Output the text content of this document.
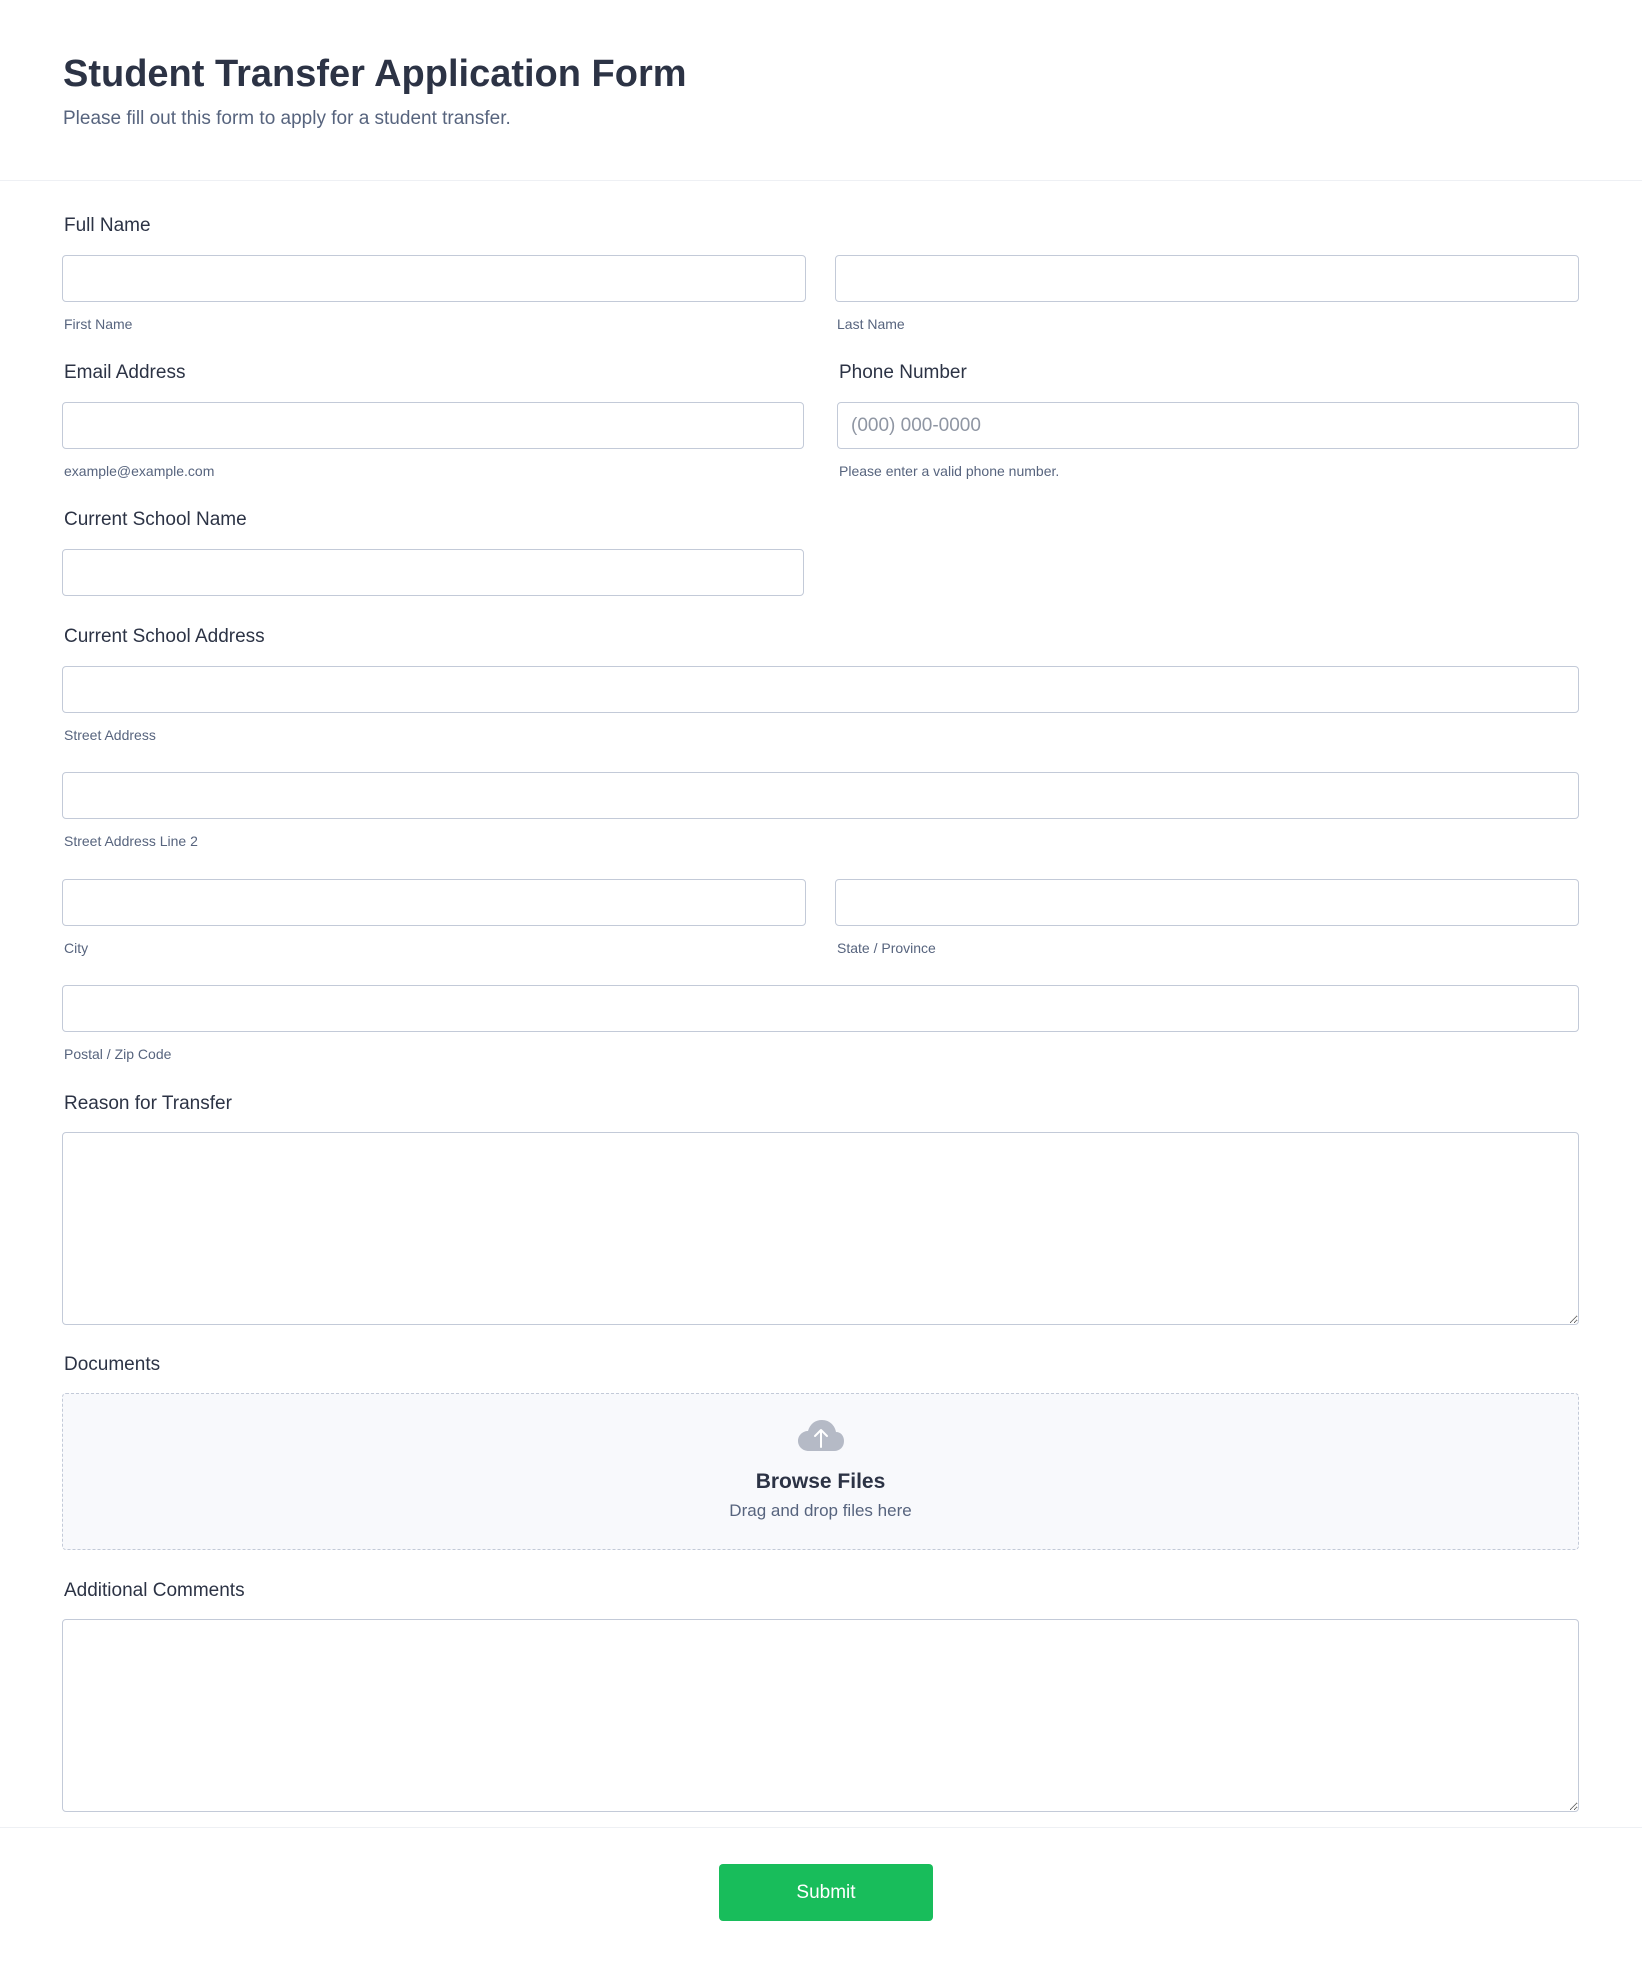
Student Transfer Application Form
Please fill out this form to apply for a student transfer.
Full Name
First Name	Last Name
Email Address
example@example.com
Phone Number
(000) 000-0000
Please enter a valid phone number.
Current School Name
Current School Address
Street Address
Street Address Line 2
City	State / Province
Postal / Zip Code
Reason for Transfer
Documents
Browse Files
Drag and drop files here
Additional Comments
Submit
